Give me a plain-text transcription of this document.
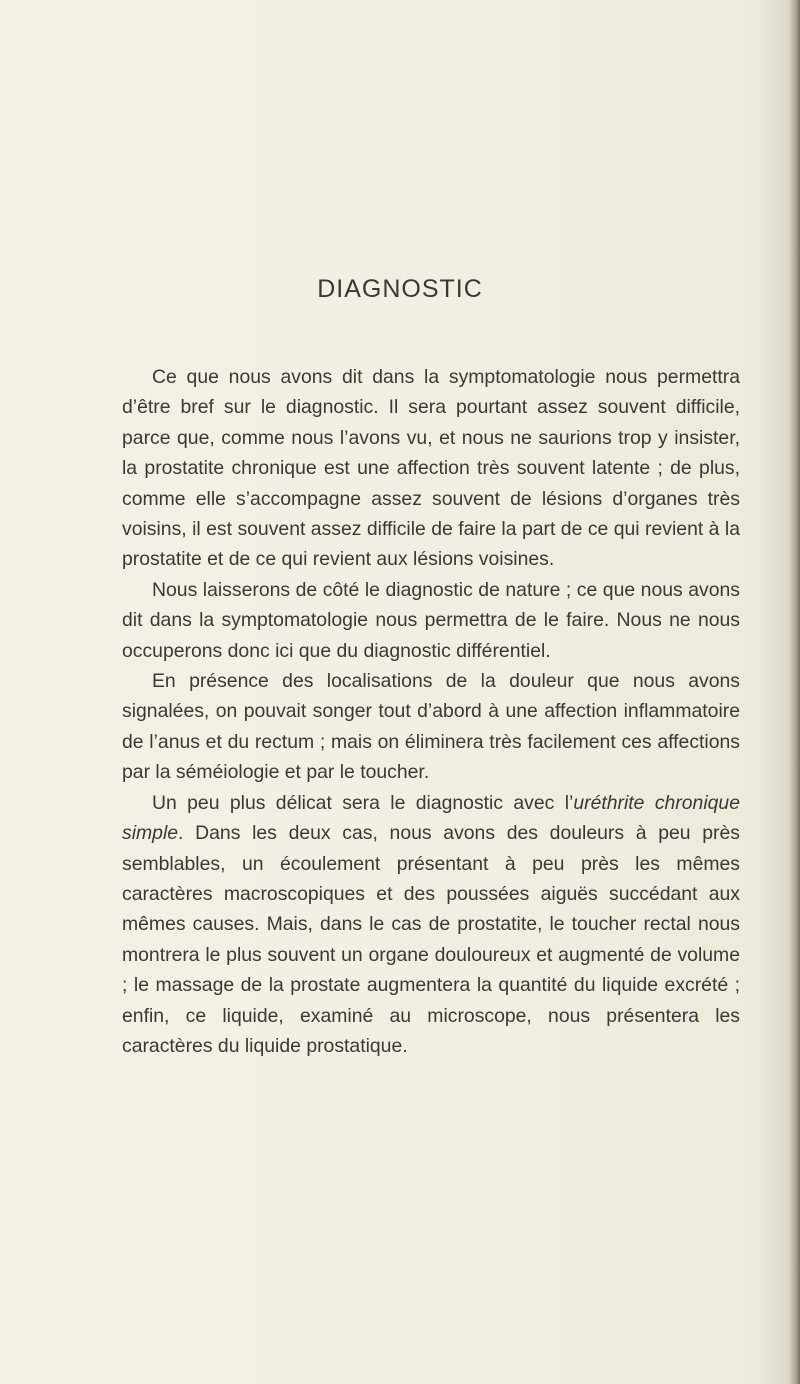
DIAGNOSTIC

Ce que nous avons dit dans la symptomatologie nous permettra d’être bref sur le diagnostic. Il sera pourtant assez souvent difficile, parce que, comme nous l’avons vu, et nous ne saurions trop y insister, la prostatite chronique est une affection très souvent latente ; de plus, comme elle s’accompagne assez souvent de lésions d’organes très voisins, il est souvent assez difficile de faire la part de ce qui revient à la prostatite et de ce qui revient aux lésions voisines.

Nous laisserons de côté le diagnostic de nature ; ce que nous avons dit dans la symptomatologie nous permettra de le faire. Nous ne nous occuperons donc ici que du diagnostic différentiel.

En présence des localisations de la douleur que nous avons signalées, on pouvait songer tout d’abord à une affection inflammatoire de l’anus et du rectum ; mais on éliminera très facilement ces affections par la séméiologie et par le toucher.

Un peu plus délicat sera le diagnostic avec l’uréthrite chronique simple. Dans les deux cas, nous avons des douleurs à peu près semblables, un écoulement présentant à peu près les mêmes caractères macroscopiques et des poussées aiguës succédant aux mêmes causes. Mais, dans le cas de prostatite, le toucher rectal nous montrera le plus souvent un organe douloureux et augmenté de volume ; le massage de la prostate augmentera la quantité du liquide excrété ; enfin, ce liquide, examiné au microscope, nous présentera les caractères du liquide prostatique.
